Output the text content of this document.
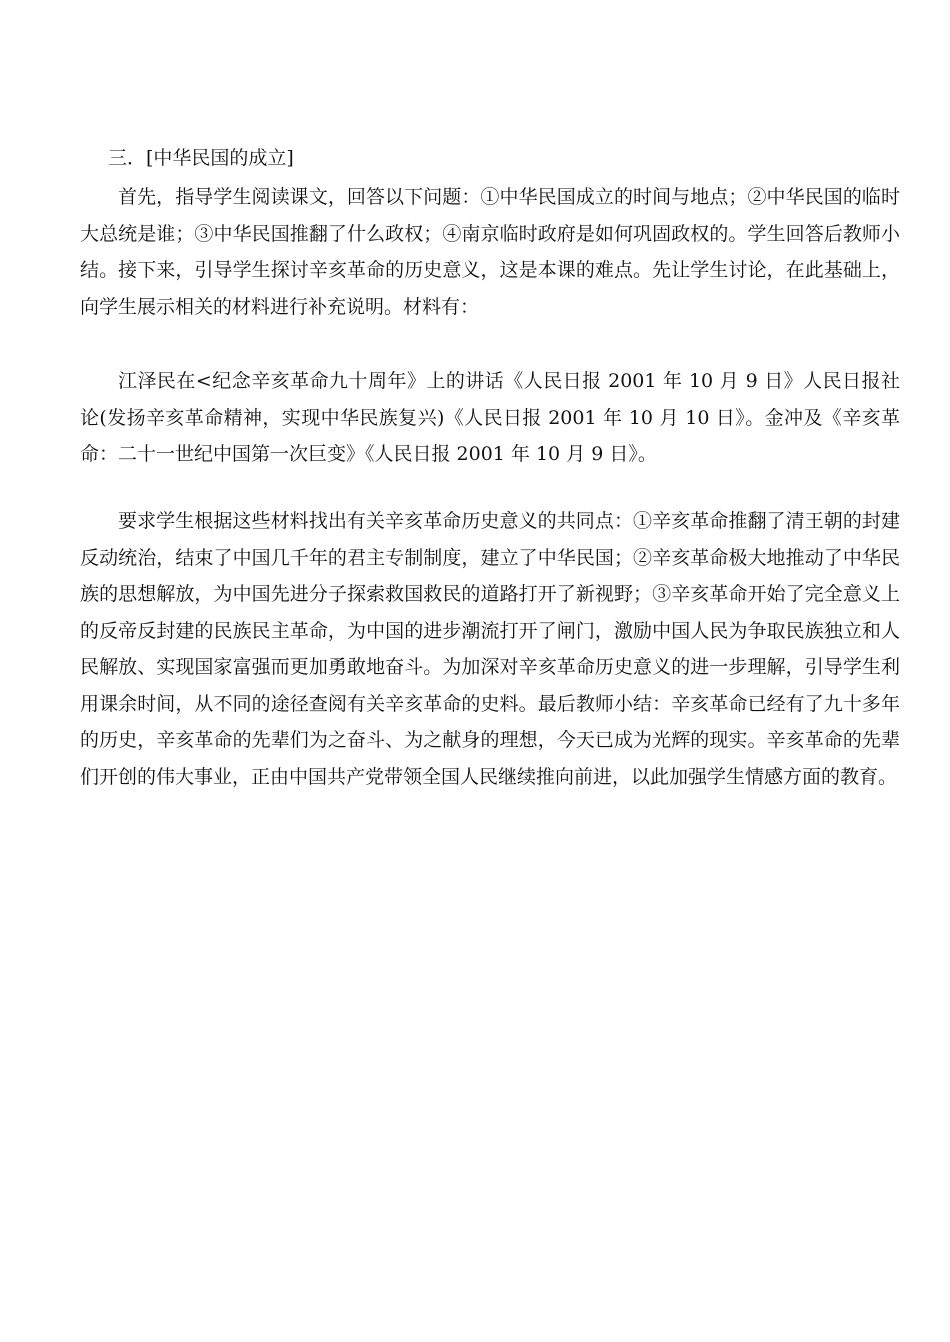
三．[中华民国的成立]

首先，指导学生阅读课文，回答以下问题：①中华民国成立的时间与地点；②中华民国的临时大总统是谁；③中华民国推翻了什么政权；④南京临时政府是如何巩固政权的。学生回答后教师小结。接下来，引导学生探讨辛亥革命的历史意义，这是本课的难点。先让学生讨论，在此基础上，向学生展示相关的材料进行补充说明。材料有：

江泽民在<纪念辛亥革命九十周年》上的讲话《人民日报 2001 年 10 月 9 日》人民日报社论(发扬辛亥革命精神，实现中华民族复兴)《人民日报 2001 年 10 月 10 日》。金冲及《辛亥革命：二十一世纪中国第一次巨变》《人民日报 2001 年 10 月 9 日》。

要求学生根据这些材料找出有关辛亥革命历史意义的共同点：①辛亥革命推翻了清王朝的封建反动统治，结束了中国几千年的君主专制制度，建立了中华民国；②辛亥革命极大地推动了中华民族的思想解放，为中国先进分子探索救国救民的道路打开了新视野；③辛亥革命开始了完全意义上的反帝反封建的民族民主革命，为中国的进步潮流打开了闸门，激励中国人民为争取民族独立和人民解放、实现国家富强而更加勇敢地奋斗。为加深对辛亥革命历史意义的进一步理解，引导学生利用课余时间，从不同的途径查阅有关辛亥革命的史料。最后教师小结：辛亥革命已经有了九十多年的历史，辛亥革命的先辈们为之奋斗、为之献身的理想，今天已成为光辉的现实。辛亥革命的先辈们开创的伟大事业，正由中国共产党带领全国人民继续推向前进，以此加强学生情感方面的教育。
